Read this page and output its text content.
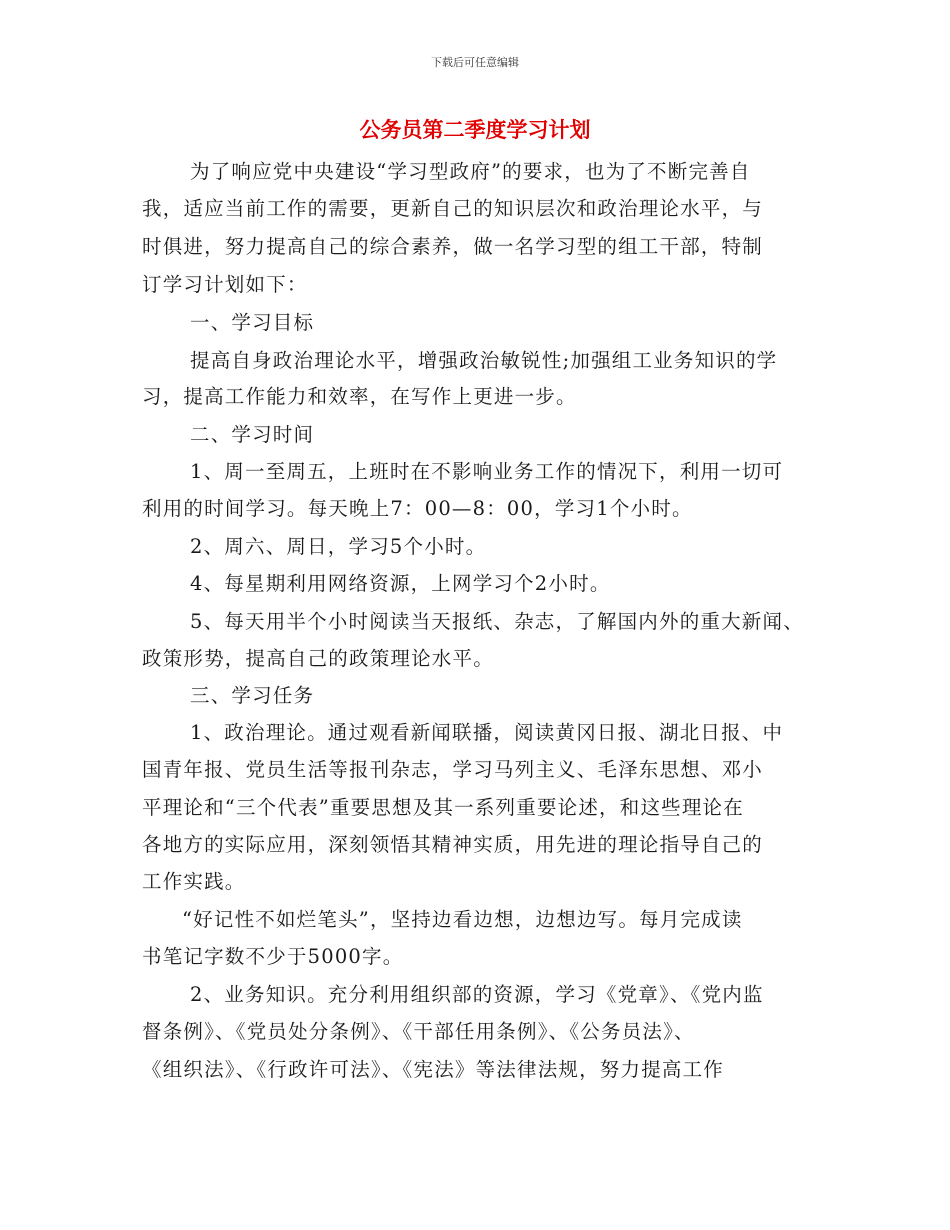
下载后可任意编辑
公务员第二季度学习计划
为了响应党中央建设“学习型政府”的要求，也为了不断完善自
我，适应当前工作的需要，更新自己的知识层次和政治理论水平，与
时俱进，努力提高自己的综合素养，做一名学习型的组工干部，特制
订学习计划如下：
一、学习目标
提高自身政治理论水平，增强政治敏锐性;加强组工业务知识的学
习，提高工作能力和效率，在写作上更进一步。
二、学习时间
1、周一至周五，上班时在不影响业务工作的情况下，利用一切可
利用的时间学习。每天晚上7：00—8：00，学习1个小时。
2、周六、周日，学习5个小时。
4、每星期利用网络资源，上网学习个2小时。
5、每天用半个小时阅读当天报纸、杂志，了解国内外的重大新闻、
政策形势，提高自己的政策理论水平。
三、学习任务
1、政治理论。通过观看新闻联播，阅读黄冈日报、湖北日报、中
国青年报、党员生活等报刊杂志，学习马列主义、毛泽东思想、邓小
平理论和“三个代表”重要思想及其一系列重要论述，和这些理论在
各地方的实际应用，深刻领悟其精神实质，用先进的理论指导自己的
工作实践。
“好记性不如烂笔头”，坚持边看边想，边想边写。每月完成读
书笔记字数不少于5000字。
2、业务知识。充分利用组织部的资源，学习《党章》、《党内监
督条例》、《党员处分条例》、《干部任用条例》、《公务员法》、
《组织法》、《行政许可法》、《宪法》等法律法规，努力提高工作
